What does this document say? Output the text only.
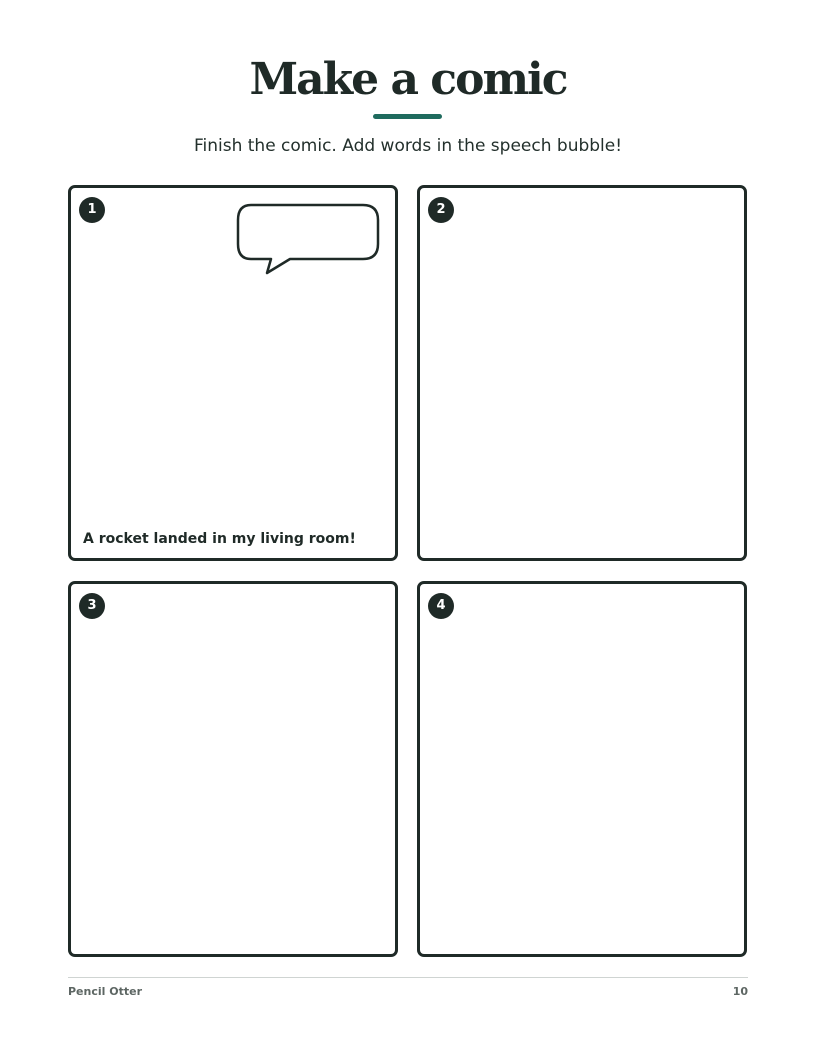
Make a comic
Finish the comic. Add words in the speech bubble!
1
A rocket landed in my living room!
2
3	4
Pencil Otter	10
